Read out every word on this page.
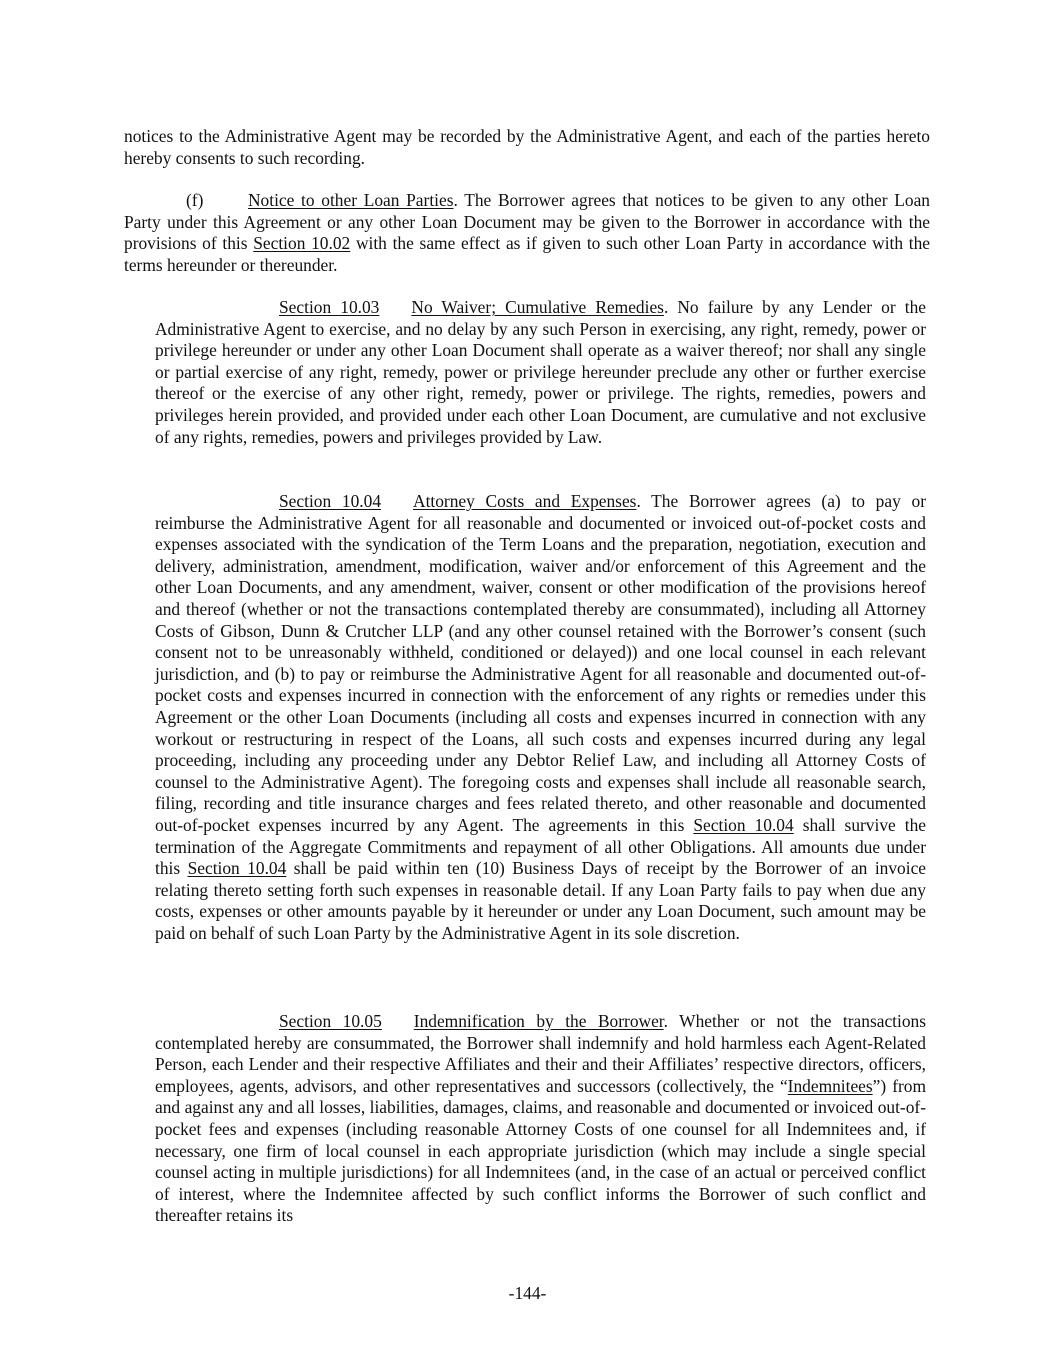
notices to the Administrative Agent may be recorded by the Administrative Agent, and each of the parties hereto hereby consents to such recording.

(f)	Notice to other Loan Parties. The Borrower agrees that notices to be given to any other Loan Party under this Agreement or any other Loan Document may be given to the Borrower in accordance with the provisions of this Section 10.02 with the same effect as if given to such other Loan Party in accordance with the terms hereunder or thereunder.

Section 10.03 No Waiver; Cumulative Remedies. No failure by any Lender or the Administrative Agent to exercise, and no delay by any such Person in exercising, any right, remedy, power or privilege hereunder or under any other Loan Document shall operate as a waiver thereof; nor shall any single or partial exercise of any right, remedy, power or privilege hereunder preclude any other or further exercise thereof or the exercise of any other right, remedy, power or privilege. The rights, remedies, powers and privileges herein provided, and provided under each other Loan Document, are cumulative and not exclusive of any rights, remedies, powers and privileges provided by Law.

Section 10.04 Attorney Costs and Expenses. The Borrower agrees (a) to pay or reimburse the Administrative Agent for all reasonable and documented or invoiced out-of-pocket costs and expenses associated with the syndication of the Term Loans and the preparation, negotiation, execution and delivery, administration, amendment, modification, waiver and/or enforcement of this Agreement and the other Loan Documents, and any amendment, waiver, consent or other modification of the provisions hereof and thereof (whether or not the transactions contemplated thereby are consummated), including all Attorney Costs of Gibson, Dunn & Crutcher LLP (and any other counsel retained with the Borrower’s consent (such consent not to be unreasonably withheld, conditioned or delayed)) and one local counsel in each relevant jurisdiction, and (b) to pay or reimburse the Administrative Agent for all reasonable and documented out-of-pocket costs and expenses incurred in connection with the enforcement of any rights or remedies under this Agreement or the other Loan Documents (including all costs and expenses incurred in connection with any workout or restructuring in respect of the Loans, all such costs and expenses incurred during any legal proceeding, including any proceeding under any Debtor Relief Law, and including all Attorney Costs of counsel to the Administrative Agent). The foregoing costs and expenses shall include all reasonable search, filing, recording and title insurance charges and fees related thereto, and other reasonable and documented out-of-pocket expenses incurred by any Agent. The agreements in this Section 10.04 shall survive the termination of the Aggregate Commitments and repayment of all other Obligations. All amounts due under this Section 10.04 shall be paid within ten (10) Business Days of receipt by the Borrower of an invoice relating thereto setting forth such expenses in reasonable detail. If any Loan Party fails to pay when due any costs, expenses or other amounts payable by it hereunder or under any Loan Document, such amount may be paid on behalf of such Loan Party by the Administrative Agent in its sole discretion.

Section 10.05 Indemnification by the Borrower. Whether or not the transactions contemplated hereby are consummated, the Borrower shall indemnify and hold harmless each Agent-Related Person, each Lender and their respective Affiliates and their and their Affiliates’ respective directors, officers, employees, agents, advisors, and other representatives and successors (collectively, the “Indemnitees”) from and against any and all losses, liabilities, damages, claims, and reasonable and documented or invoiced out-of-pocket fees and expenses (including reasonable Attorney Costs of one counsel for all Indemnitees and, if necessary, one firm of local counsel in each appropriate jurisdiction (which may include a single special counsel acting in multiple jurisdictions) for all Indemnitees (and, in the case of an actual or perceived conflict of interest, where the Indemnitee affected by such conflict informs the Borrower of such conflict and thereafter retains its

-144-
